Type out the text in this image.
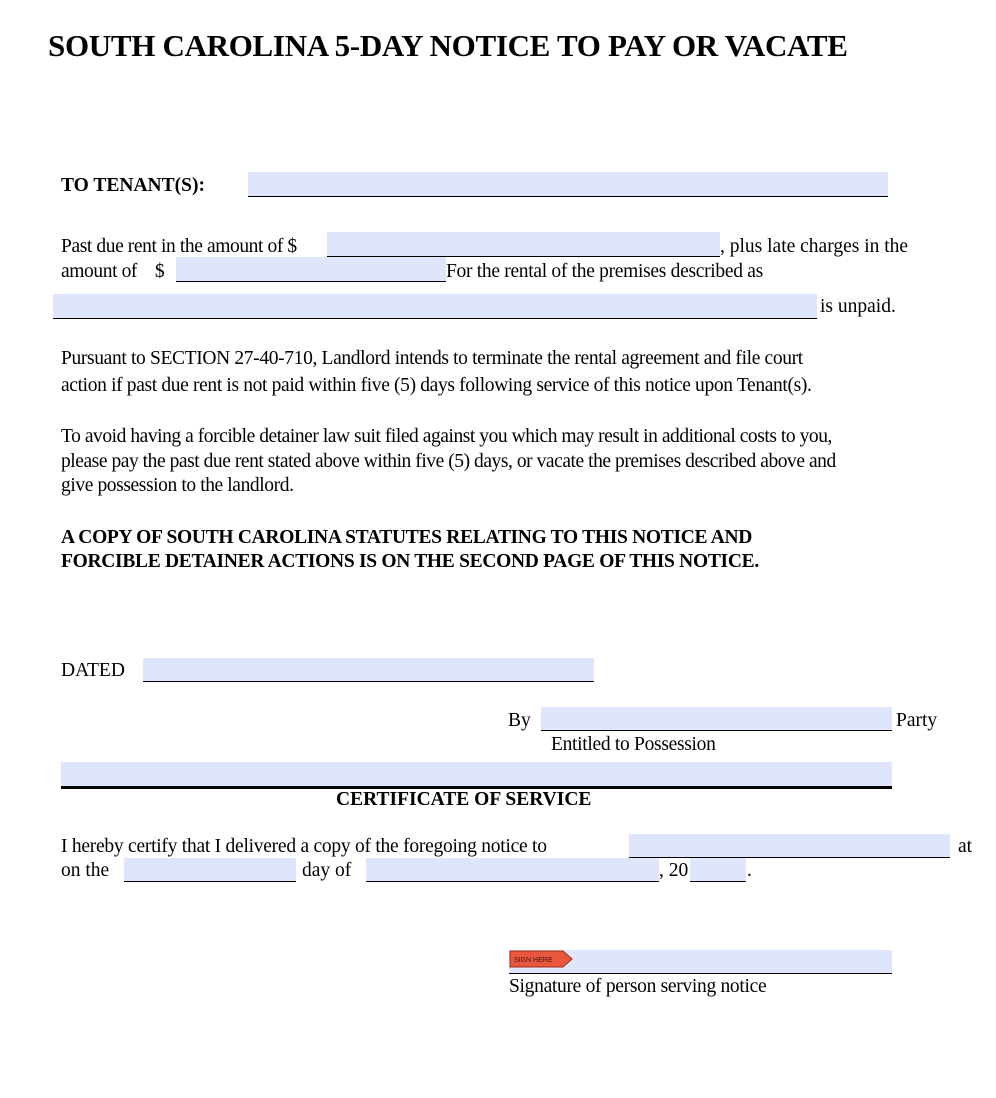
SOUTH CAROLINA 5-DAY NOTICE TO PAY OR VACATE
TO TENANT(S):
Past due rent in the amount of $	, plus late charges in the
amount of    $	For the rental of the premises described as
is unpaid.
Pursuant to SECTION 27-40-710, Landlord intends to terminate the rental agreement and file court
action if past due rent is not paid within five (5) days following service of this notice upon Tenant(s).
To avoid having a forcible detainer law suit filed against you which may result in additional costs to you,
please pay the past due rent stated above within five (5) days, or vacate the premises described above and
give possession to the landlord.
A COPY OF SOUTH CAROLINA STATUTES RELATING TO THIS NOTICE AND
FORCIBLE DETAINER ACTIONS IS ON THE SECOND PAGE OF THIS NOTICE.
DATED
By	Party
Entitled to Possession
CERTIFICATE OF SERVICE
I hereby certify that I delivered a copy of the foregoing notice to	at
on the	day of	, 20	.
SIGN HERE
Signature of person serving notice
